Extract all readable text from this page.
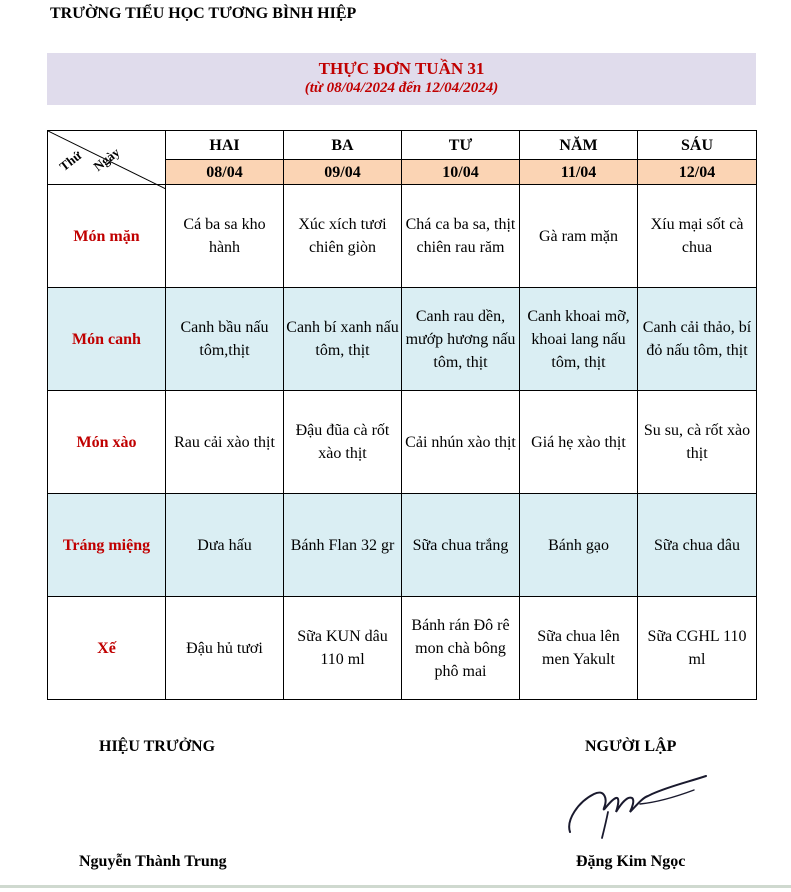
TRƯỜNG TIỂU HỌC TƯƠNG BÌNH HIỆP
THỰC ĐƠN TUẦN 31
(từ 08/04/2024 đến 12/04/2024)
Thứ Ngày	HAI	BA	TƯ	NĂM	SÁU
	08/04	09/04	10/04	11/04	12/04
Món mặn	Cá ba sa kho hành	Xúc xích tươi chiên giòn	Chá ca ba sa, thịt chiên rau răm	Gà ram mặn	Xíu mại sốt cà chua
Món canh	Canh bầu nấu tôm,thịt	Canh bí xanh nấu tôm, thịt	Canh rau dền, mướp hương nấu tôm, thịt	Canh khoai mỡ, khoai lang nấu tôm, thịt	Canh cải thảo, bí đỏ nấu tôm, thịt
Món xào	Rau cải xào thịt	Đậu đũa cà rốt xào thịt	Cải nhún xào thịt	Giá hẹ xào thịt	Su su, cà rốt xào thịt
Tráng miệng	Dưa hấu	Bánh Flan 32 gr	Sữa chua trắng	Bánh gạo	Sữa chua dâu
Xế	Đậu hủ tươi	Sữa KUN dâu 110 ml	Bánh rán Đô rê mon chà bông phô mai	Sữa chua lên men Yakult	Sữa CGHL 110 ml
HIỆU TRƯỞNG	NGƯỜI LẬP
Nguyễn Thành Trung	Đặng Kim Ngọc
